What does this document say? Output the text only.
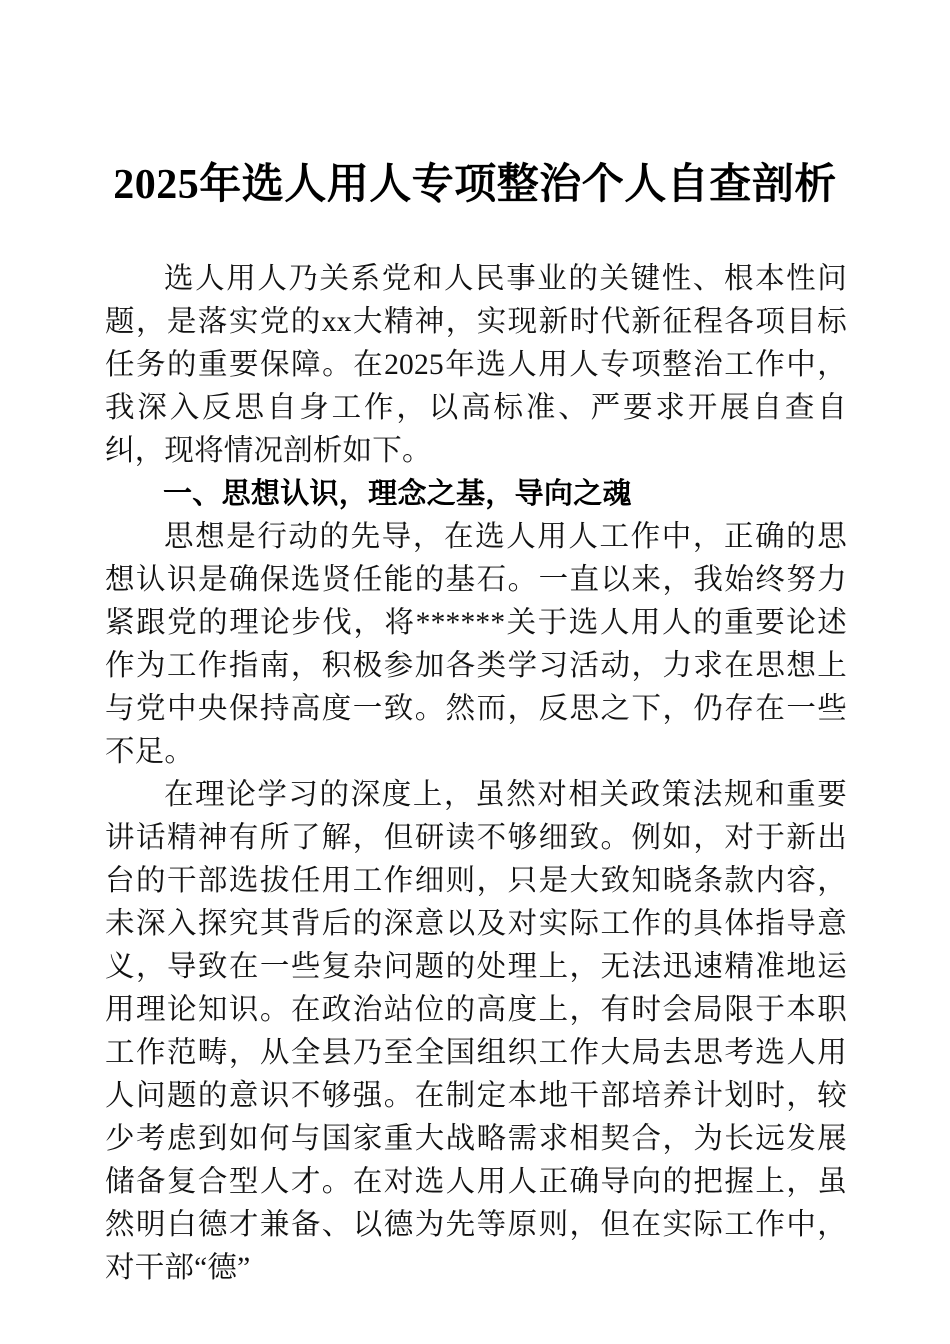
2025年选人用人专项整治个人自查剖析

选人用人乃关系党和人民事业的关键性、根本性问题，是落实党的xx大精神，实现新时代新征程各项目标任务的重要保障。在2025年选人用人专项整治工作中，我深入反思自身工作，以高标准、严要求开展自查自纠，现将情况剖析如下。

一、思想认识，理念之基，导向之魂

思想是行动的先导，在选人用人工作中，正确的思想认识是确保选贤任能的基石。一直以来，我始终努力紧跟党的理论步伐，将******关于选人用人的重要论述作为工作指南，积极参加各类学习活动，力求在思想上与党中央保持高度一致。然而，反思之下，仍存在一些不足。

在理论学习的深度上，虽然对相关政策法规和重要讲话精神有所了解，但研读不够细致。例如，对于新出台的干部选拔任用工作细则，只是大致知晓条款内容，未深入探究其背后的深意以及对实际工作的具体指导意义，导致在一些复杂问题的处理上，无法迅速精准地运用理论知识。在政治站位的高度上，有时会局限于本职工作范畴，从全县乃至全国组织工作大局去思考选人用人问题的意识不够强。在制定本地干部培养计划时，较少考虑到如何与国家重大战略需求相契合，为长远发展储备复合型人才。在对选人用人正确导向的把握上，虽然明白德才兼备、以德为先等原则，但在实际工作中，对干部“德”
